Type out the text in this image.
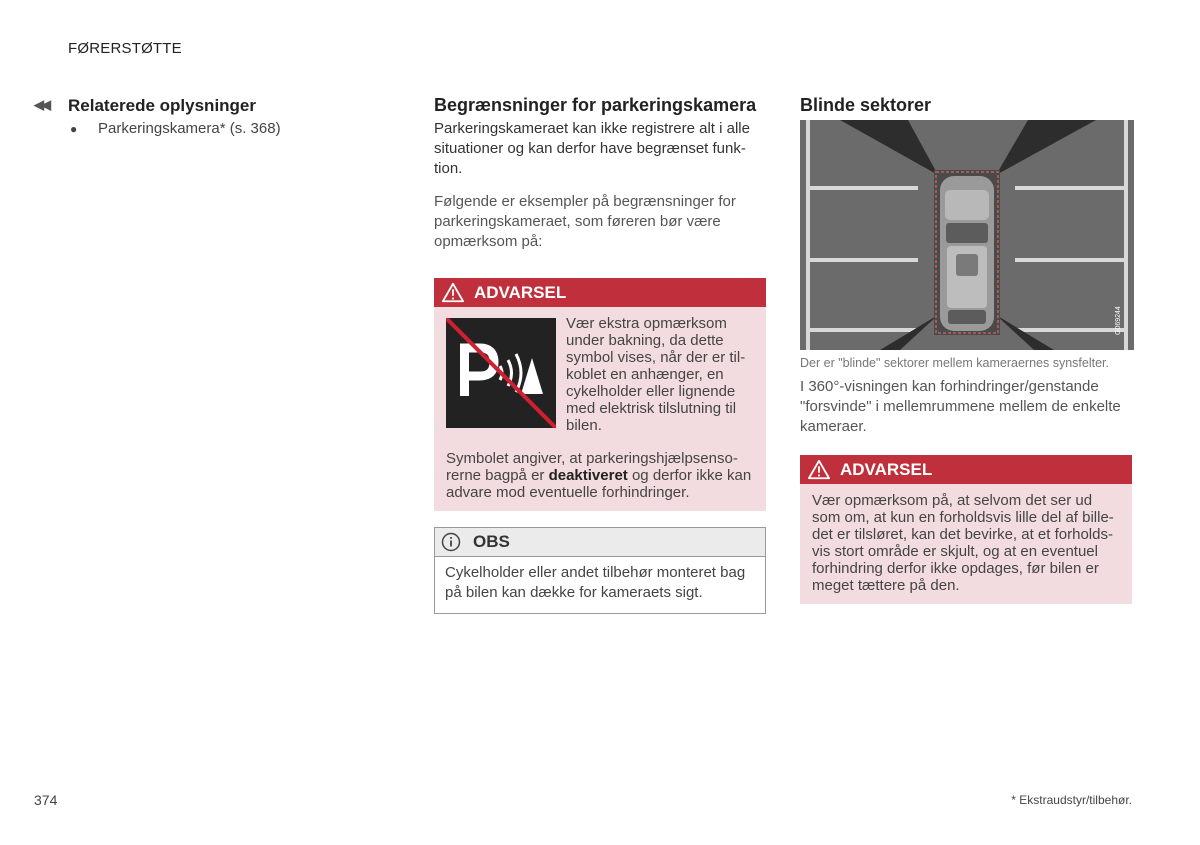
FØRERSTØTTE
◀◀ Relaterede oplysninger
●	Parkeringskamera* (s. 368)
Begrænsninger for parkeringskamera

Parkeringskameraet kan ikke registrere alt i alle situationer og kan derfor have begrænset funk-tion.

Følgende er eksempler på begrænsninger for parkeringskameraet, som føreren bør være opmærksom på:

ADVARSEL
Vær ekstra opmærksom under bakning, da dette symbol vises, når der er til-koblet en anhænger, en cykelholder eller lignende med elektrisk tilslutning til bilen.
Symbolet angiver, at parkeringshjælpsenso-rerne bagpå er deaktiveret og derfor ikke kan advare mod eventuelle forhindringer.
OBS
Cykelholder eller andet tilbehør monteret bag på bilen kan dække for kameraets sigt.
Blinde sektorer
G069244
Der er "blinde" sektorer mellem kameraernes synsfelter.

I 360°-visningen kan forhindringer/genstande "forsvinde" i mellemrummene mellem de enkelte kameraer.

ADVARSEL
Vær opmærksom på, at selvom det ser ud som om, at kun en forholdsvis lille del af bille-det er tilsløret, kan det bevirke, at et forholds-vis stort område er skjult, og at en eventuel forhindring derfor ikke opdages, før bilen er meget tættere på den.
374	* Ekstraudstyr/tilbehør.
